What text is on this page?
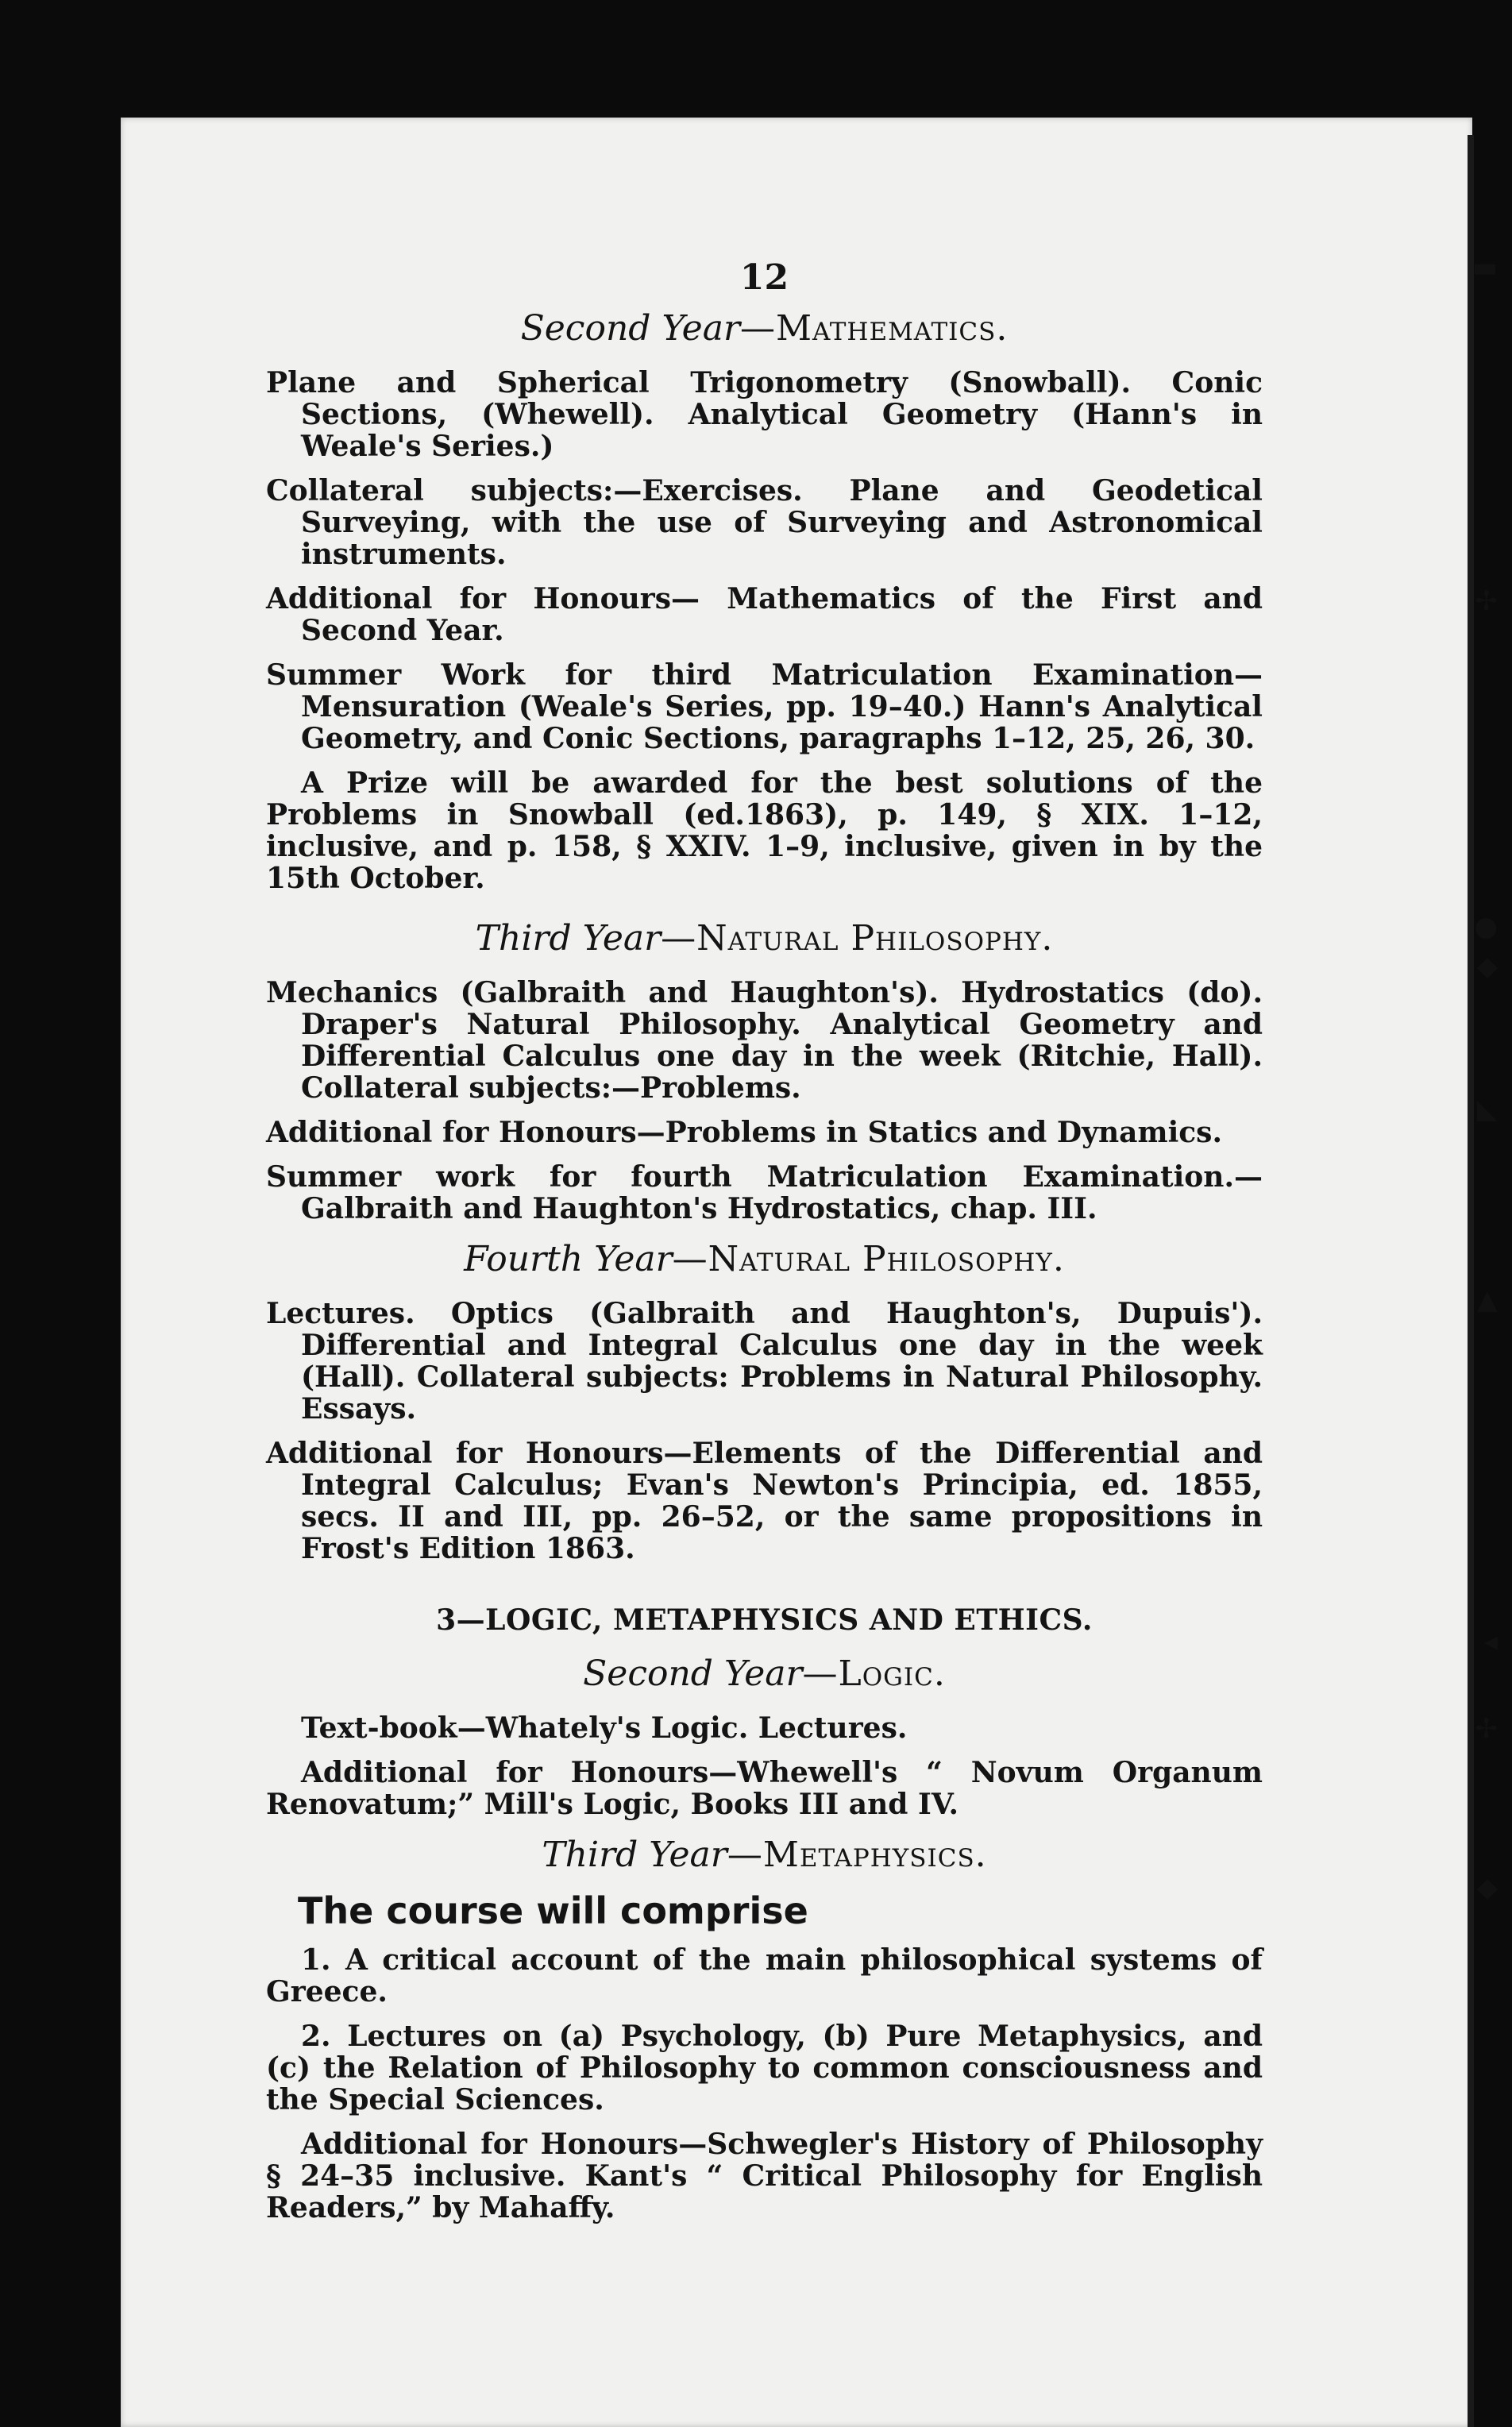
▬
✢
●
◆
◣
▲
◂
✢
◆
12
Second Year—Mathematics.

Plane and Spherical Trigonometry (Snowball). Conic Sections, (Whewell). Analytical Geometry (Hann's in Weale's Series.)

Collateral subjects:—Exercises. Plane and Geodetical Surveying, with the use of Surveying and Astronomical instruments.

Additional for Honours— Mathematics of the First and Second Year.

Summer Work for third Matriculation Examination—Mensuration (Weale's Series, pp. 19–40.) Hann's Analytical Geometry, and Conic Sections, paragraphs 1–12, 25, 26, 30.

A Prize will be awarded for the best solutions of the Problems in Snowball (ed.1863), p. 149, § XIX. 1–12, inclusive, and p. 158, § XXIV. 1–9, inclusive, given in by the 15th October.

Third Year—Natural Philosophy.

Mechanics (Galbraith and Haughton's). Hydrostatics (do). Draper's Natural Philosophy. Analytical Geometry and Differential Calculus one day in the week (Ritchie, Hall). Collateral subjects:—Problems.

Additional for Honours—Problems in Statics and Dynamics.

Summer work for fourth Matriculation Examination.—Galbraith and Haughton's Hydrostatics, chap. III.

Fourth Year—Natural Philosophy.

Lectures. Optics (Galbraith and Haughton's, Dupuis'). Differential and Integral Calculus one day in the week (Hall). Collateral subjects: Problems in Natural Philosophy. Essays.

Additional for Honours—Elements of the Differential and Integral Calculus; Evan's Newton's Principia, ed. 1855, secs. II and III, pp. 26–52, or the same propositions in Frost's Edition 1863.

3—LOGIC, METAPHYSICS AND ETHICS.
Second Year—Logic.

Text-book—Whately's Logic. Lectures.

Additional for Honours—Whewell's “ Novum Organum Renovatum;” Mill's Logic, Books III and IV.

Third Year—Metaphysics.

The course will comprise

1. A critical account of the main philosophical systems of Greece.

2. Lectures on (a) Psychology, (b) Pure Metaphysics, and (c) the Relation of Philosophy to common consciousness and the Special Sciences.

Additional for Honours—Schwegler's History of Philosophy § 24–35 inclusive. Kant's “ Critical Philosophy for English Readers,” by Mahaffy.
